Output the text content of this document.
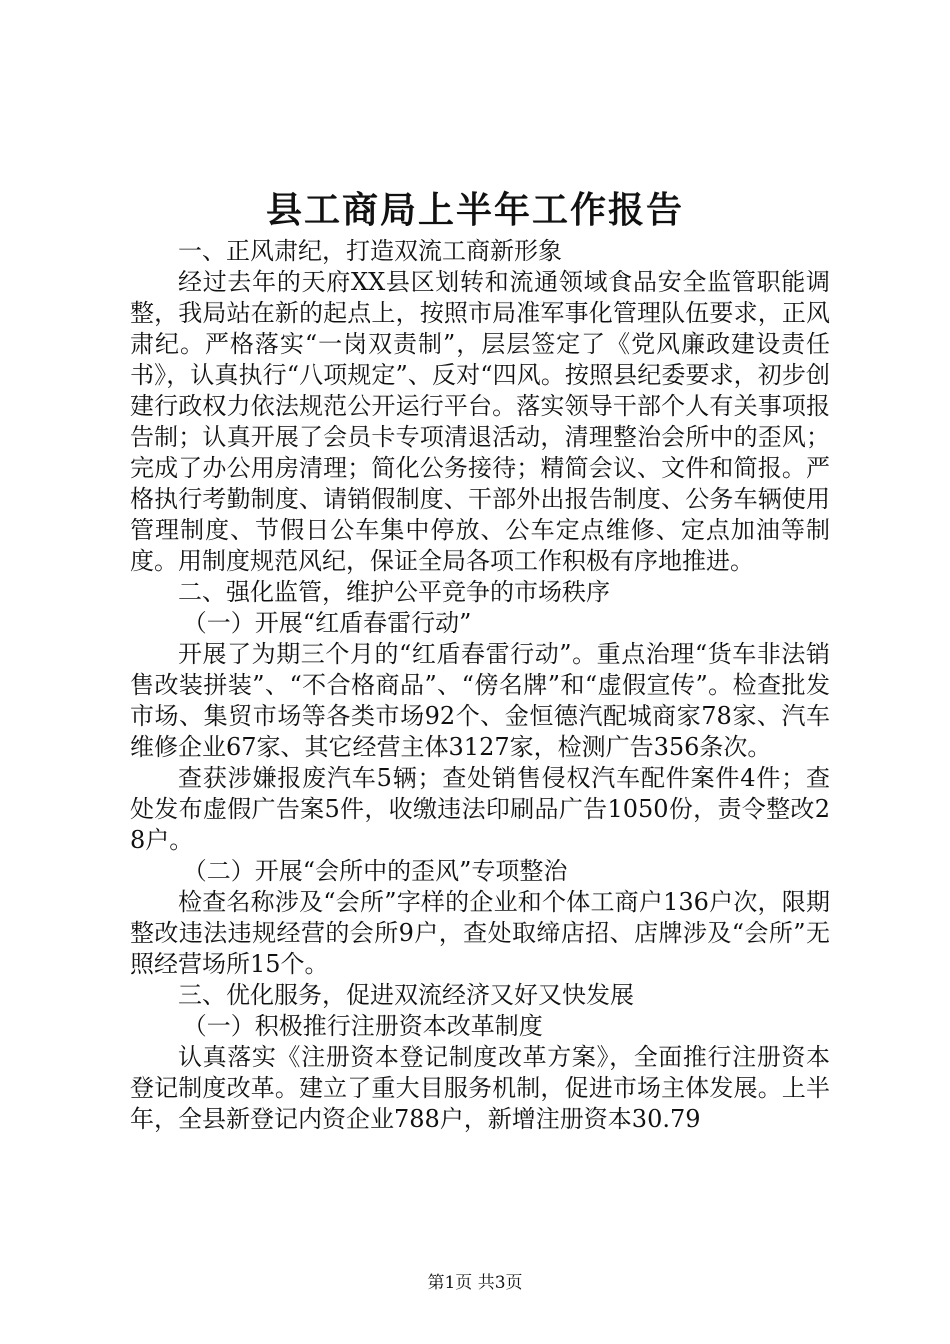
县工商局上半年工作报告

一、正风肃纪，打造双流工商新形象

经过去年的天府XX县区划转和流通领域食品安全监管职能调整，我局站在新的起点上，按照市局准军事化管理队伍要求，正风肃纪。严格落实“一岗双责制”，层层签定了《党风廉政建设责任书》，认真执行“八项规定”、反对“四风。按照县纪委要求，初步创建行政权力依法规范公开运行平台。落实领导干部个人有关事项报告制；认真开展了会员卡专项清退活动，清理整治会所中的歪风；完成了办公用房清理；简化公务接待；精简会议、文件和简报。严格执行考勤制度、请销假制度、干部外出报告制度、公务车辆使用管理制度、节假日公车集中停放、公车定点维修、定点加油等制度。用制度规范风纪，保证全局各项工作积极有序地推进。

二、强化监管，维护公平竞争的市场秩序

（一）开展“红盾春雷行动”

开展了为期三个月的“红盾春雷行动”。重点治理“货车非法销售改装拼装”、“不合格商品”、“傍名牌”和“虚假宣传”。检查批发市场、集贸市场等各类市场92个、金恒德汽配城商家78家、汽车维修企业67家、其它经营主体3127家，检测广告356条次。

查获涉嫌报废汽车5辆；查处销售侵权汽车配件案件4件；查处发布虚假广告案5件，收缴违法印刷品广告1050份，责令整改28户。

（二）开展“会所中的歪风”专项整治

检查名称涉及“会所”字样的企业和个体工商户136户次，限期整改违法违规经营的会所9户，查处取缔店招、店牌涉及“会所”无照经营场所15个。

三、优化服务，促进双流经济又好又快发展

（一）积极推行注册资本改革制度

认真落实《注册资本登记制度改革方案》，全面推行注册资本登记制度改革。建立了重大目服务机制，促进市场主体发展。上半年，全县新登记内资企业788户，新增注册资本30.79

第1页 共3页
